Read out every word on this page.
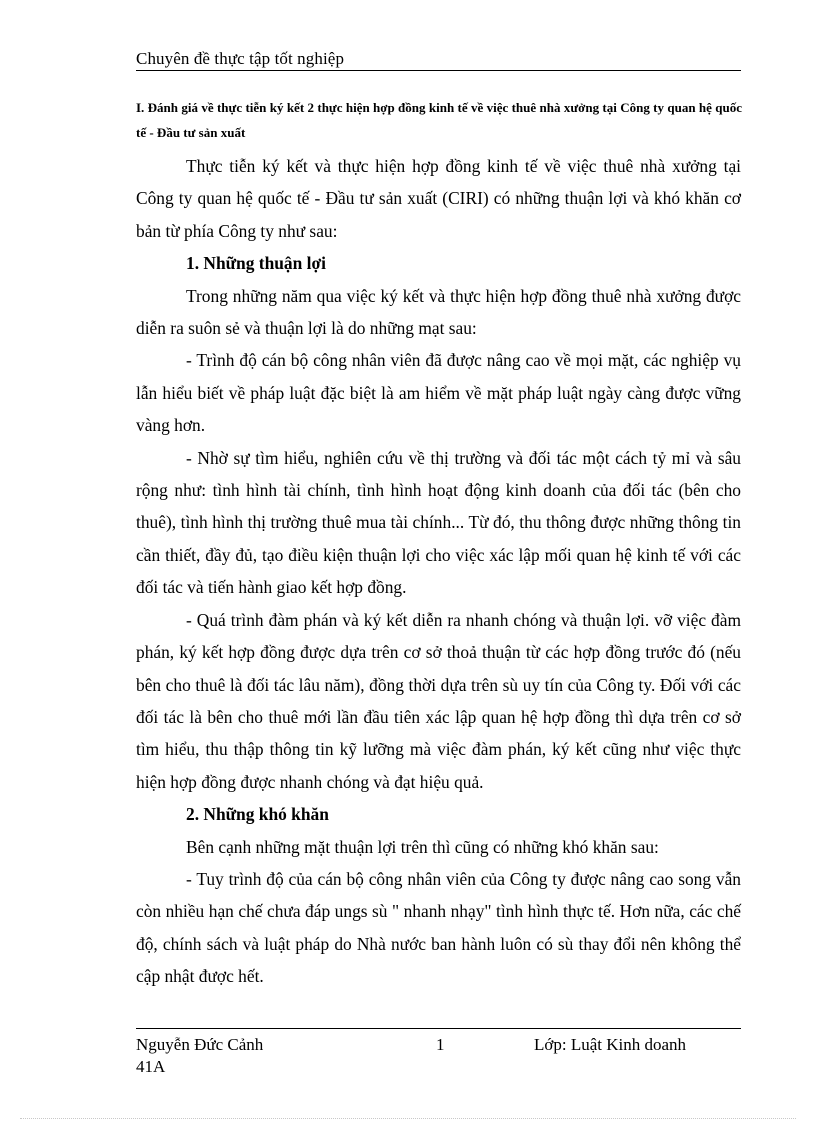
Chuyên đề thực tập tốt nghiệp
I. Đánh giá về thực tiễn ký kết 2 thực hiện hợp đồng kinh tế về việc thuê nhà xưởng tại Công ty quan hệ quốc tế - Đầu tư sản xuất

Thực tiễn ký kết và thực hiện hợp đồng kinh tế về việc thuê nhà xưởng tại Công ty quan hệ quốc tế - Đầu tư sản xuất (CIRI) có những thuận lợi và khó khăn cơ bản từ phía Công ty như sau:

1. Những thuận lợi

Trong những năm qua việc ký kết và thực hiện hợp đồng thuê nhà xưởng được diễn ra suôn sẻ và thuận lợi là do những mạt sau:

- Trình độ cán bộ công nhân viên đã được nâng cao về mọi mặt, các nghiệp vụ lẫn hiểu biết về pháp luật đặc biệt là am hiểm về mặt pháp luật ngày càng được vững vàng hơn.

- Nhờ sự tìm hiểu, nghiên cứu về thị trường và đối tác một cách tỷ mỉ và sâu rộng như: tình hình tài chính, tình hình hoạt động kinh doanh của đối tác (bên cho thuê), tình hình thị trường thuê mua tài chính... Từ đó, thu thông được những thông tin cần thiết, đầy đủ, tạo điều kiện thuận lợi cho việc xác lập mối quan hệ kinh tế với các đối tác và tiến hành giao kết hợp đồng.

- Quá trình đàm phán và ký kết diễn ra nhanh chóng và thuận lợi. vỡ việc đàm phán, ký kết hợp đồng được dựa trên cơ sở thoả thuận từ các hợp đồng trước đó (nếu bên cho thuê là đối tác lâu năm), đồng thời dựa trên sù uy tín của Công ty. Đối với các đối tác là bên cho thuê mới lần đầu tiên xác lập quan hệ hợp đồng thì dựa trên cơ sở tìm hiểu, thu thập thông tin kỹ lưỡng mà việc đàm phán, ký kết cũng như việc thực hiện hợp đồng được nhanh chóng và đạt hiệu quả.

2. Những khó khăn

Bên cạnh những mặt thuận lợi trên thì cũng có những khó khăn sau:

- Tuy trình độ của cán bộ công nhân viên của Công ty được nâng cao song vẫn còn nhiều hạn chế chưa đáp ungs sù " nhanh nhạy" tình hình thực tế. Hơn nữa, các chế độ, chính sách và luật pháp do Nhà nước ban hành luôn có sù thay đổi nên không thể cập nhật được hết.

Nguyễn Đức Cảnh
41A
1	Lớp: Luật Kinh doanh
